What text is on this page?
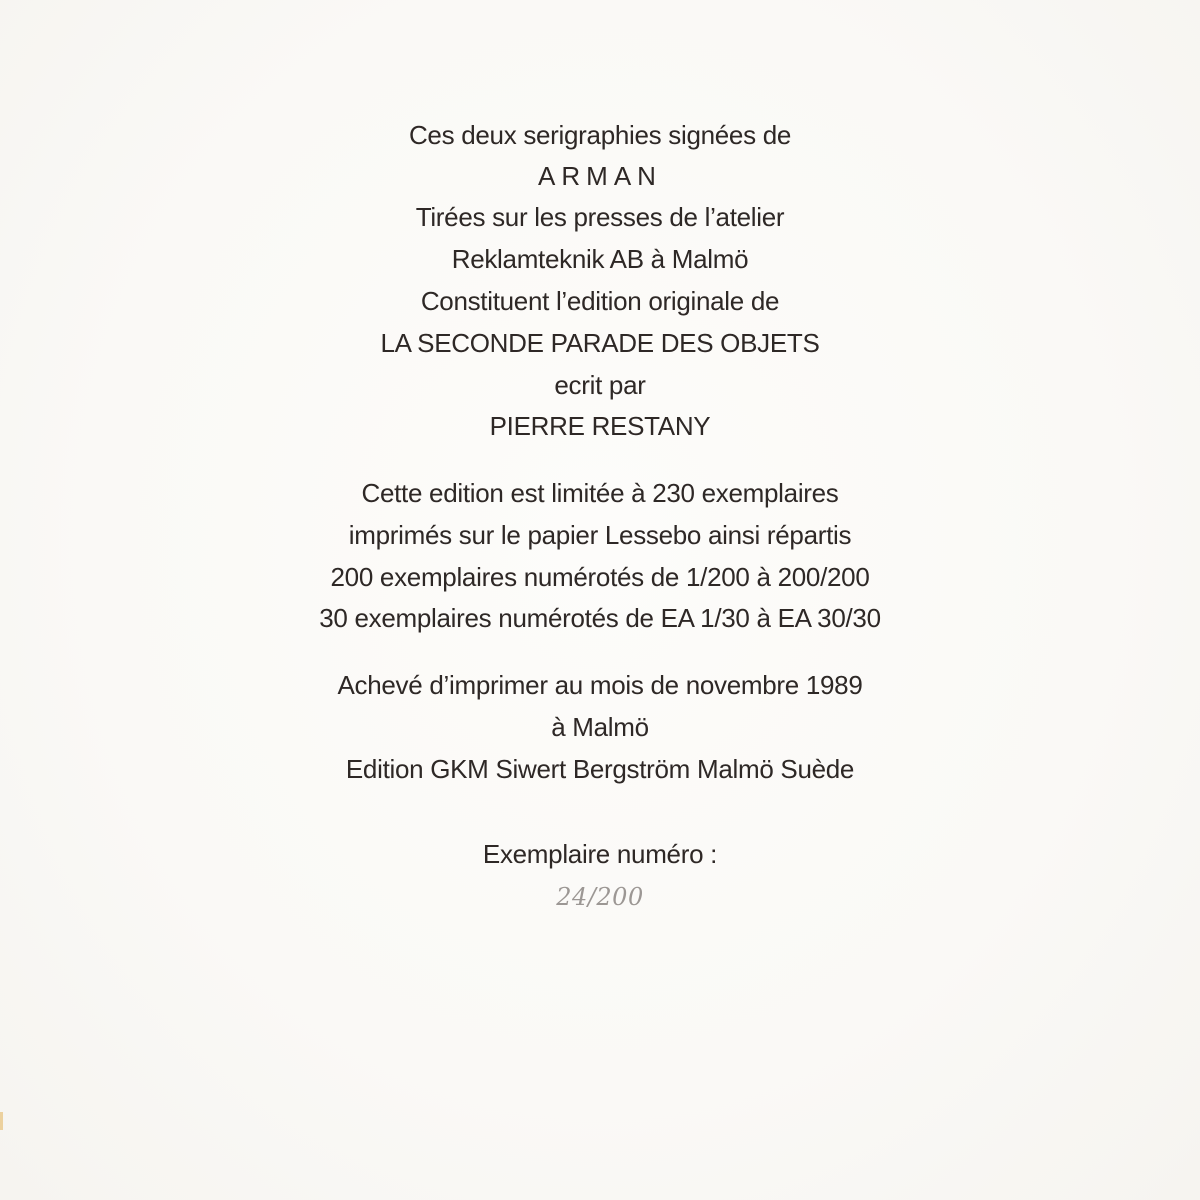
Ces deux serigraphies signées de
ARMAN
Tirées sur les presses de l’atelier
Reklamteknik AB à Malmö
Constituent l’edition originale de
LA SECONDE PARADE DES OBJETS
ecrit par
PIERRE RESTANY
Cette edition est limitée à 230 exemplaires
imprimés sur le papier Lessebo ainsi répartis
200 exemplaires numérotés de 1/200 à 200/200
30 exemplaires numérotés de EA 1/30 à EA 30/30
Achevé d’imprimer au mois de novembre 1989
à Malmö
Edition GKM Siwert Bergström Malmö Suède
Exemplaire numéro :
24/200
